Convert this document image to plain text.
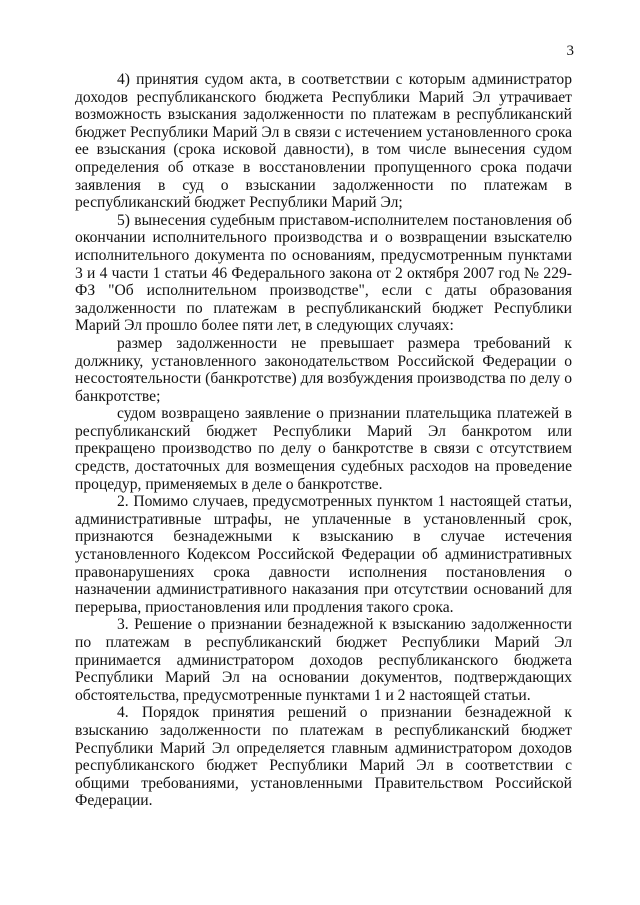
3

4) принятия судом акта, в соответствии с которым администратор доходов республиканского бюджета Республики Марий Эл утрачивает возможность взыскания задолженности по платежам в республиканский бюджет Республики Марий Эл в связи с истечением установленного срока ее взыскания (срока исковой давности), в том числе вынесения судом определения об отказе в восстановлении пропущенного срока подачи заявления в суд о взыскании задолженности по платежам в республиканский бюджет Республики Марий Эл;

5) вынесения судебным приставом-исполнителем постановления об окончании исполнительного производства и о возвращении взыскателю исполнительного документа по основаниям, предусмотренным пунктами 3 и 4 части 1 статьи 46 Федерального закона от 2 октября 2007 год № 229-ФЗ "Об исполнительном производстве", если с даты образования задолженности по платежам в республиканский бюджет Республики Марий Эл прошло более пяти лет, в следующих случаях:

размер задолженности не превышает размера требований к должнику, установленного законодательством Российской Федерации о несостоятельности (банкротстве) для возбуждения производства по делу о банкротстве;

судом возвращено заявление о признании плательщика платежей в республиканский бюджет Республики Марий Эл банкротом или прекращено производство по делу о банкротстве в связи с отсутствием средств, достаточных для возмещения судебных расходов на проведение процедур, применяемых в деле о банкротстве.

2. Помимо случаев, предусмотренных пунктом 1 настоящей статьи, административные штрафы, не уплаченные в установленный срок, признаются безнадежными к взысканию в случае истечения установленного Кодексом Российской Федерации об административных правонарушениях срока давности исполнения постановления о назначении административного наказания при отсутствии оснований для перерыва, приостановления или продления такого срока.

3. Решение о признании безнадежной к взысканию задолженности по платежам в республиканский бюджет Республики Марий Эл принимается администратором доходов республиканского бюджета Республики Марий Эл на основании документов, подтверждающих обстоятельства, предусмотренные пунктами 1 и 2 настоящей статьи.

4. Порядок принятия решений о признании безнадежной к взысканию задолженности по платежам в республиканский бюджет Республики Марий Эл определяется главным администратором доходов республиканского бюджет Республики Марий Эл в соответствии с общими требованиями, установленными Правительством Российской Федерации.
